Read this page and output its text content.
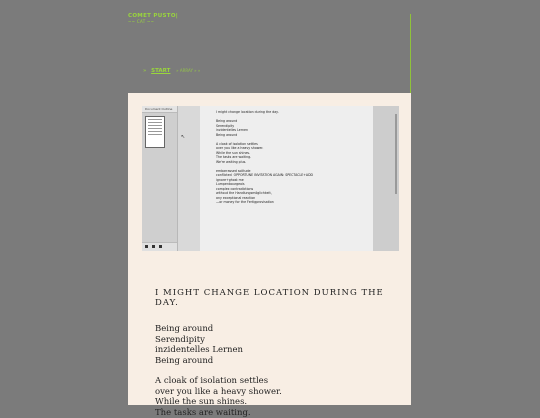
COMET PUSTO|
~~ CAT ~~
» START » ARRAY » »
Document Outline
↖
I might change location during the day.

Being around
Serendipity
inzidentelles Lernen
Being around

A cloak of isolation settles
over you like a heavy shower.
While the sun shines.
The tasks are waiting.
We're waiting plus.

embarrassed solitude
conflicted  OPPORTUNE INVITATION AGAIN: SPECTACLE+ADD
ignore+ghost me
Lumpenbourgeois
complex contradictions
without the Handlungsmöglichkeit,
any exceptional reaction
—or money for the Fertigprovisation
I MIGHT CHANGE LOCATION DURING THE DAY.
Being around
Serendipity
inzidentelles Lernen
Being around
A cloak of isolation settles
over you like a heavy shower.
While the sun shines.
The tasks are waiting.
